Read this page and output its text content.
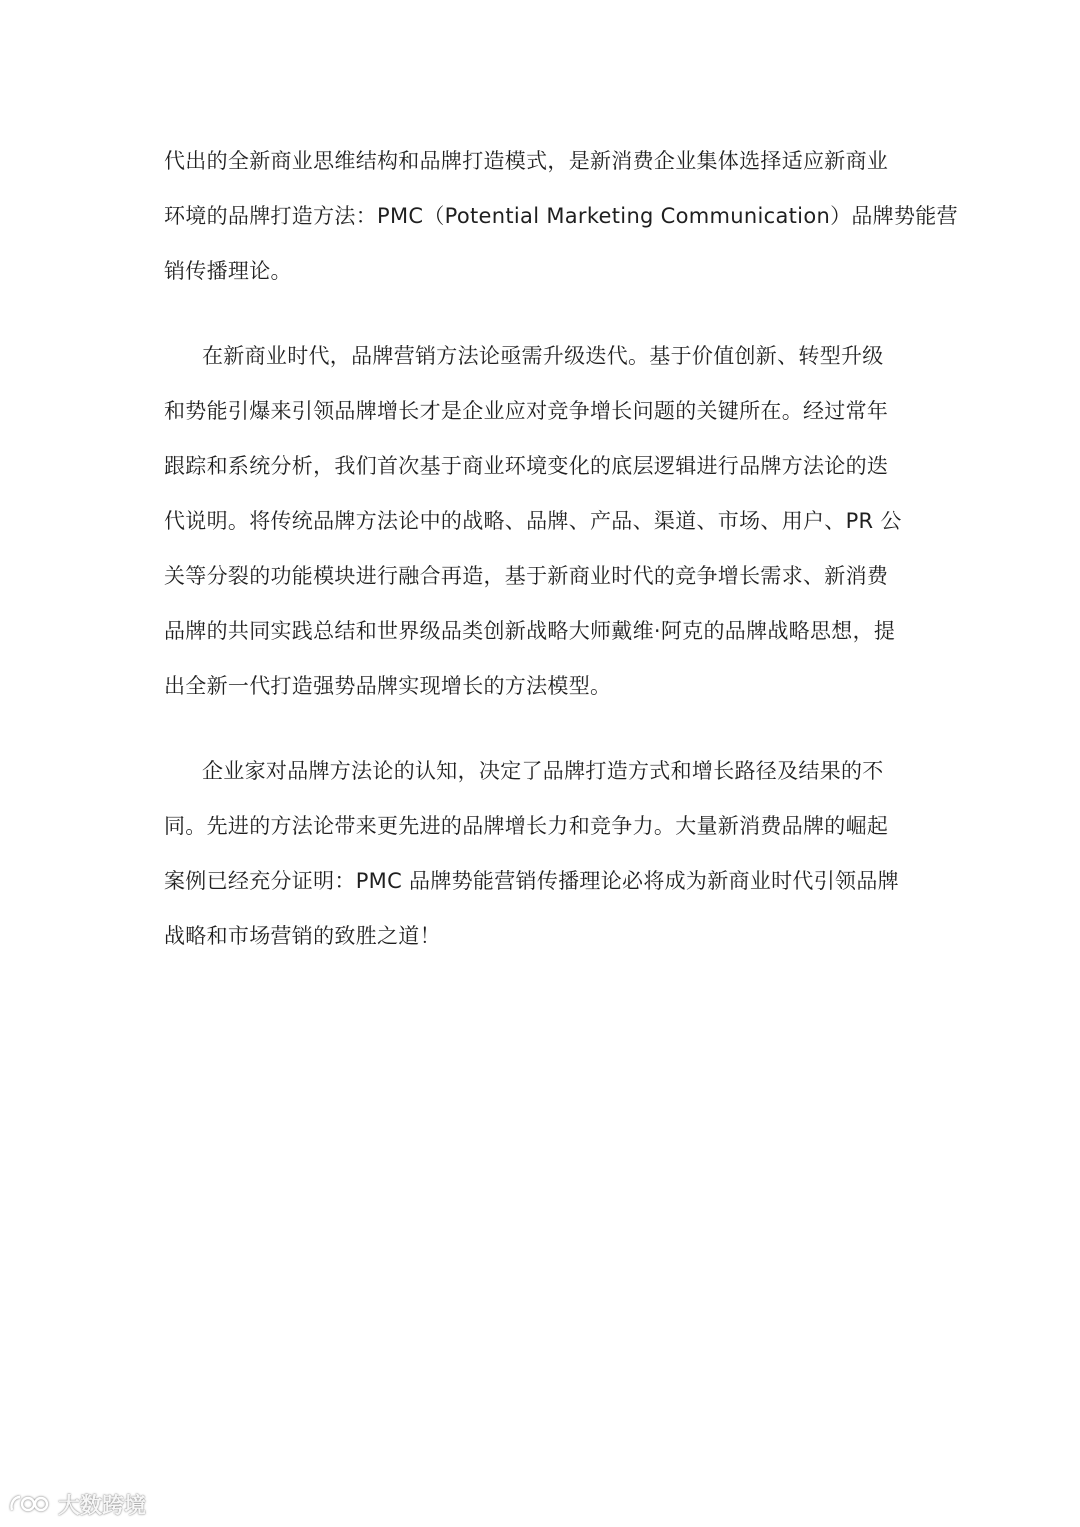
代出的全新商业思维结构和品牌打造模式，是新消费企业集体选择适应新商业
环境的品牌打造方法：PMC（Potential Marketing Communication）品牌势能营
销传播理论。

在新商业时代，品牌营销方法论亟需升级迭代。基于价值创新、转型升级
和势能引爆来引领品牌增长才是企业应对竞争增长问题的关键所在。经过常年
跟踪和系统分析，我们首次基于商业环境变化的底层逻辑进行品牌方法论的迭
代说明。将传统品牌方法论中的战略、品牌、产品、渠道、市场、用户、PR 公
关等分裂的功能模块进行融合再造，基于新商业时代的竞争增长需求、新消费
品牌的共同实践总结和世界级品类创新战略大师戴维·阿克的品牌战略思想，提
出全新一代打造强势品牌实现增长的方法模型。

企业家对品牌方法论的认知，决定了品牌打造方式和增长路径及结果的不
同。先进的方法论带来更先进的品牌增长力和竞争力。大量新消费品牌的崛起
案例已经充分证明：PMC 品牌势能营销传播理论必将成为新商业时代引领品牌
战略和市场营销的致胜之道！

大数跨境
